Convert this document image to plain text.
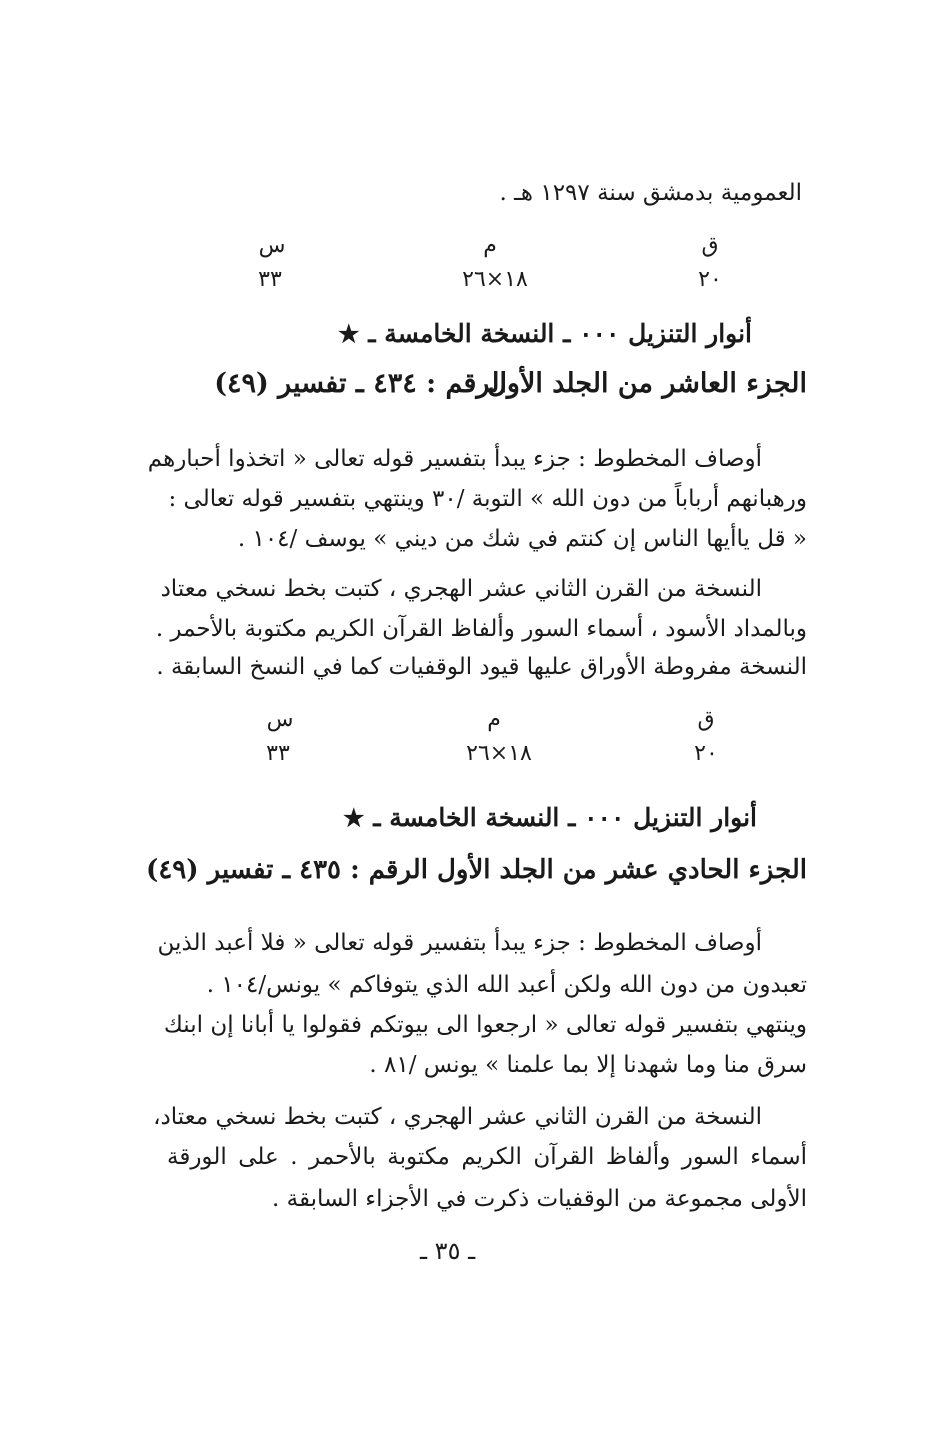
العمومية بدمشق سنة ١٢٩٧ هـ .
ق
م
س
٢٠
١٨×٢٦
٣٣
أنوار التنزيل ٠٠٠ ـ النسخة الخامسة ـ ★
الجزء العاشر من الجلد الأول
الرقم : ٤٣٤ ـ تفسير (٤٩)
أوصاف المخطوط : جزء يبدأ بتفسير قوله تعالى « اتخذوا أحبارهم
ورهبانهم أرباباً من دون الله » التوبة /٣٠ وينتهي بتفسير قوله تعالى :
« قل ياأيها الناس إن كنتم في شك من ديني » يوسف /١٠٤ .
النسخة من القرن الثاني عشر الهجري ، كتبت بخط نسخي معتاد
وبالمداد الأسود ، أسماء السور وألفاظ القرآن الكريم مكتوبة بالأحمر .
النسخة مفروطة الأوراق عليها قيود الوقفيات كما في النسخ السابقة .
ق
م
س
٢٠
١٨×٢٦
٣٣
أنوار التنزيل ٠٠٠ ـ النسخة الخامسة ـ ★
الجزء الحادي عشر من الجلد الأول الرقم : ٤٣٥ ـ تفسير (٤٩)
أوصاف المخطوط : جزء يبدأ بتفسير قوله تعالى « فلا أعبد الذين
تعبدون من دون الله ولكن أعبد الله الذي يتوفاكم » يونس/١٠٤ .
وينتهي بتفسير قوله تعالى « ارجعوا الى بيوتكم فقولوا يا أبانا إن ابنك
سرق منا وما شهدنا إلا بما علمنا » يونس /٨١ .
النسخة من القرن الثاني عشر الهجري ، كتبت بخط نسخي معتاد،
أسماء السور وألفاظ القرآن الكريم مكتوبة بالأحمر . على الورقة
الأولى مجموعة من الوقفيات ذكرت في الأجزاء السابقة .
ـ ٣٥ ـ
